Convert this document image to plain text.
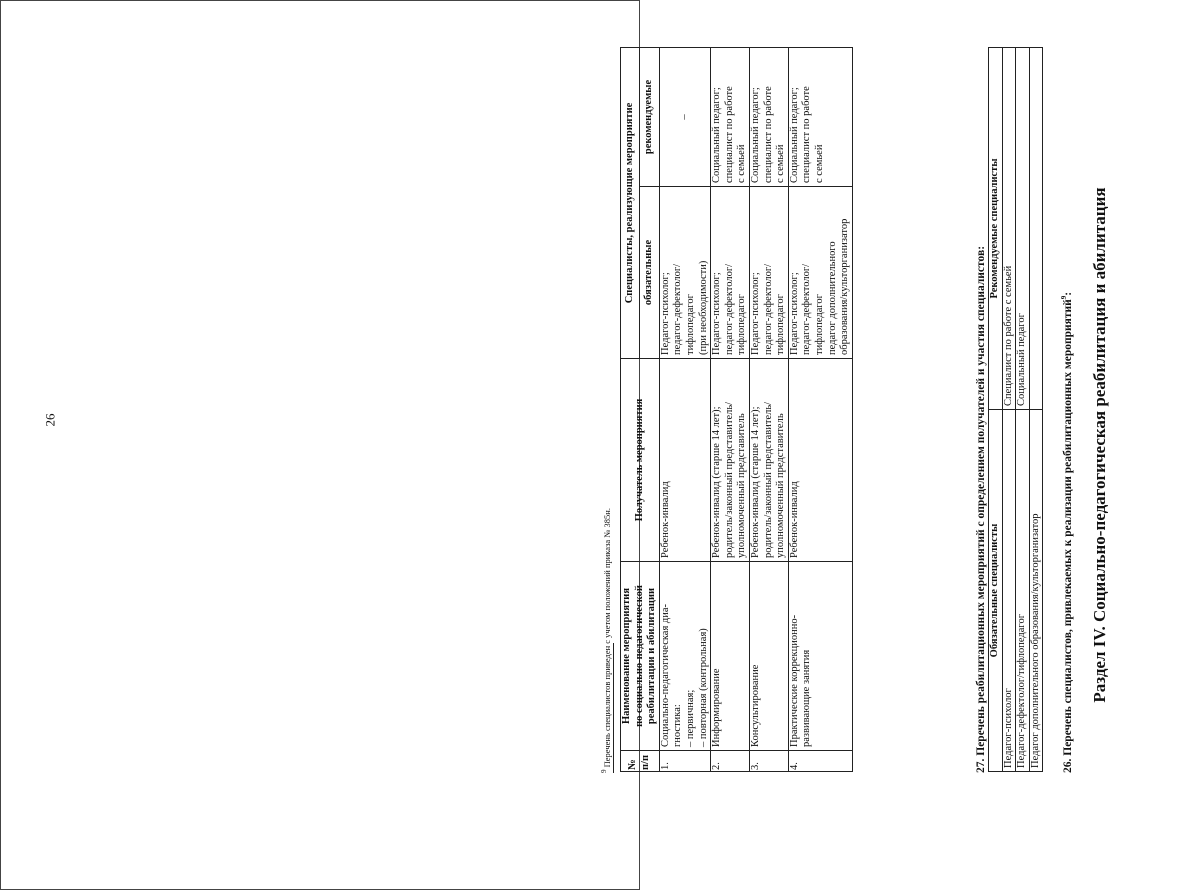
26	Раздел IV. Социально-педагогическая реабилитация и абилитация
26. Перечень специалистов, привлекаемых к реализации реабилитационных мероприятий$^9$:
Обязательные специалисты	Рекомендуемые специалисты
Педагог-психолог	Специалист по работе с семьей
Педагог-дефектолог/тифлопедагог	Социальный педагог
Педагог дополнительного образования/культорганизатор	
27. Перечень реабилитационных мероприятий с определением получателей и участия специалистов:
№ п/п	Наименование мероприятия по социально-педагогической реабилитации и абилитации	Получатель мероприятия	Специалисты, реализующие мероприятие	
			обязательные	рекомендуемые
1.	Социально-педагогическая диа- гностика: – первичная; – повторная (контрольная)	Ребенок-инвалид	Педагог-психолог; педагог-дефектолог/ тифлопедагог (при необходимости)	–

2.	Информирование	Ребенок-инвалид (старше 14 лет); родитель/законный представитель/ уполномоченный представитель	Педагог-психолог; педагог-дефектолог/ тифлопедагог	Социальный педагог; специалист по работе с семьей

3.	Консультирование	Ребенок-инвалид (старше 14 лет); родитель/законный представитель/ уполномоченный представитель	Педагог-психолог; педагог-дефектолог/ тифлопедагог	Социальный педагог; специалист по работе с семьей

4.	Практические коррекционно- развивающие занятия	Ребенок-инвалид	Педагог-психолог; педагог-дефектолог/ тифлопедагог педагог дополнительного образования/культорганизатор	Социальный педагог; специалист по работе с семьей
$^9$ Перечень специалистов приведен с учетом положений приказа № 385н.
